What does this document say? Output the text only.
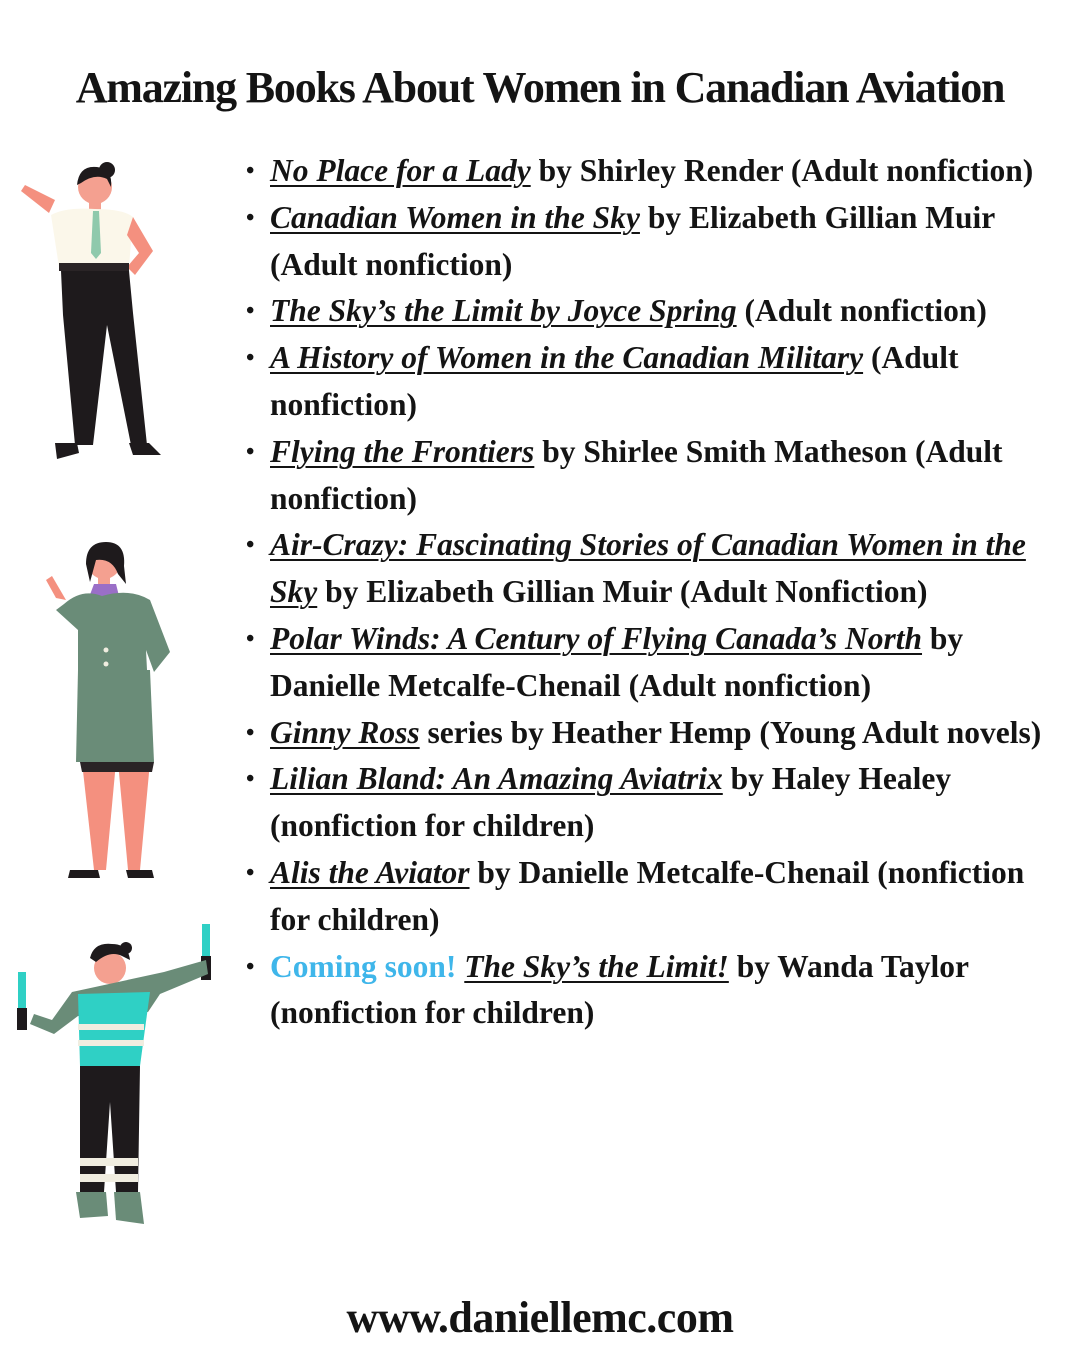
Amazing Books About Women in Canadian Aviation
• No Place for a Lady by Shirley Render (Adult nonfiction)
• Canadian Women in the Sky by Elizabeth Gillian Muir (Adult nonfiction)
• The Sky’s the Limit by Joyce Spring (Adult nonfiction)
• A History of Women in the Canadian Military (Adult nonfiction)
• Flying the Frontiers by Shirlee Smith Matheson (Adult nonfiction)
• Air-Crazy: Fascinating Stories of Canadian Women in the Sky by Elizabeth Gillian Muir (Adult Nonfiction)
• Polar Winds: A Century of Flying Canada’s North by Danielle Metcalfe-Chenail (Adult nonfiction)
• Ginny Ross series by Heather Hemp (Young Adult novels)
• Lilian Bland: An Amazing Aviatrix by Haley Healey (nonfiction for children)
• Alis the Aviator by Danielle Metcalfe-Chenail (nonfiction for children)
• Coming soon! The Sky’s the Limit! by Wanda Taylor (nonfiction for children)
www.daniellemc.com
